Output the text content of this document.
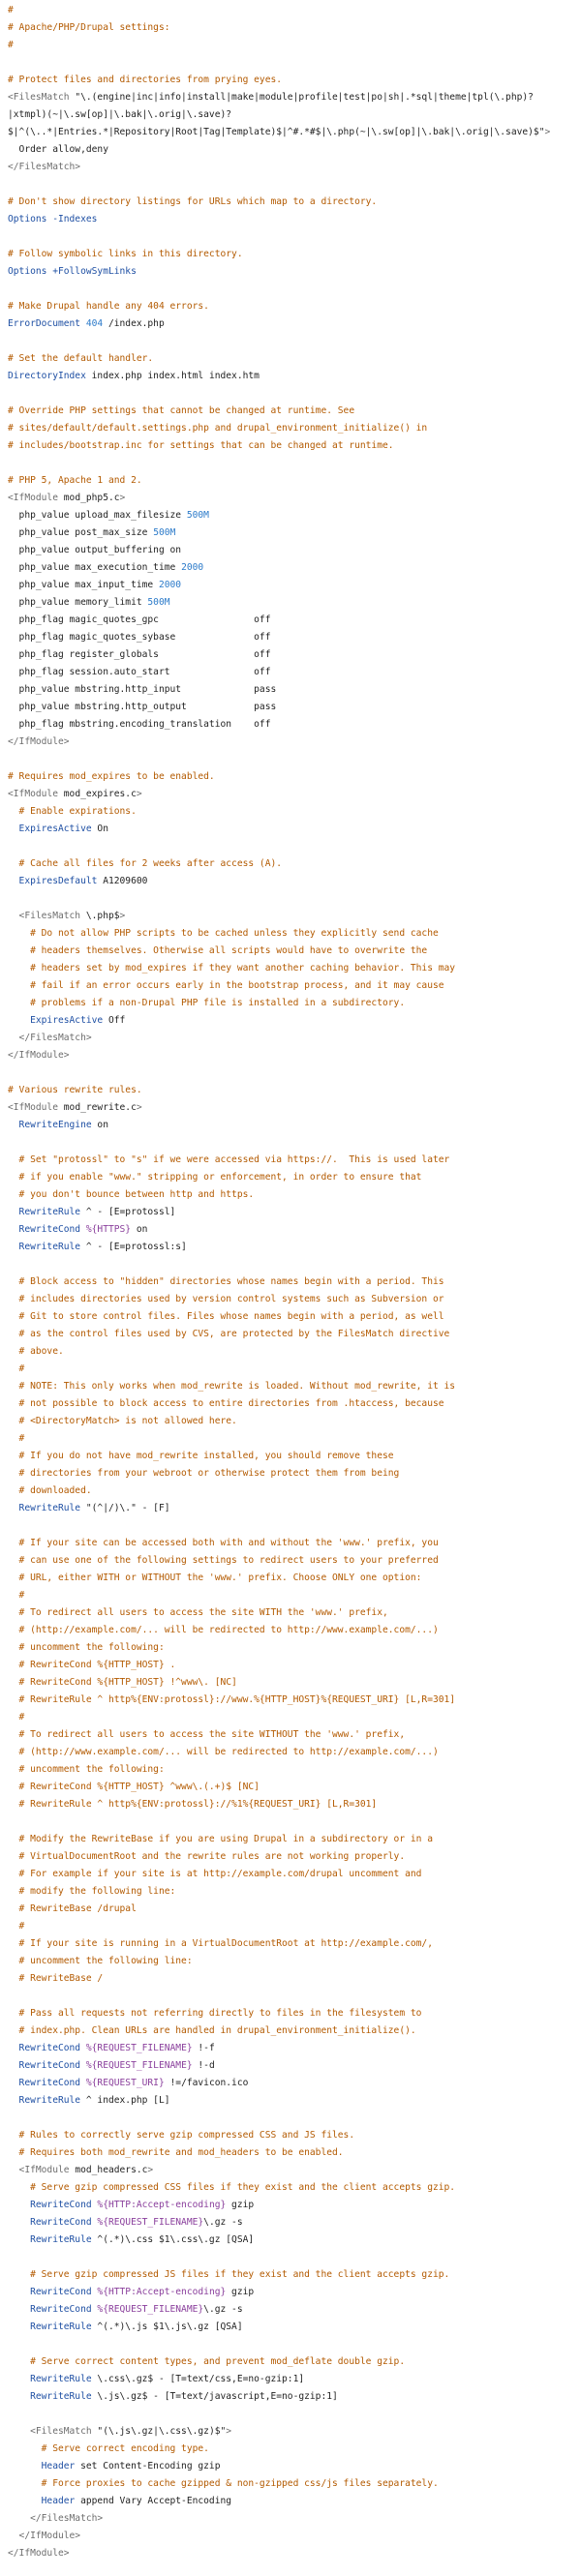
#
# Apache/PHP/Drupal settings:
#

# Protect files and directories from prying eyes.
<FilesMatch "\.(engine|inc|info|install|make|module|profile|test|po|sh|.*sql|theme|tpl(\.php)?
|xtmpl)(~|\.sw[op]|\.bak|\.orig|\.save)?
$|^(\..*|Entries.*|Repository|Root|Tag|Template)$|^#.*#$|\.php(~|\.sw[op]|\.bak|\.orig|\.save)$">
Order allow,deny
</FilesMatch>

# Don't show directory listings for URLs which map to a directory.
Options -Indexes

# Follow symbolic links in this directory.
Options +FollowSymLinks

# Make Drupal handle any 404 errors.
ErrorDocument 404 /index.php

# Set the default handler.
DirectoryIndex index.php index.html index.htm

# Override PHP settings that cannot be changed at runtime. See
# sites/default/default.settings.php and drupal_environment_initialize() in
# includes/bootstrap.inc for settings that can be changed at runtime.

# PHP 5, Apache 1 and 2.
<IfModule mod_php5.c>
php_value upload_max_filesize 500M
php_value post_max_size 500M
php_value output_buffering on
php_value max_execution_time 2000
php_value max_input_time 2000
php_value memory_limit 500M
php_flag magic_quotes_gpc                 off
php_flag magic_quotes_sybase              off
php_flag register_globals                 off
php_flag session.auto_start               off
php_value mbstring.http_input             pass
php_value mbstring.http_output            pass
php_flag mbstring.encoding_translation    off
</IfModule>

# Requires mod_expires to be enabled.
<IfModule mod_expires.c>
# Enable expirations.
ExpiresActive On

# Cache all files for 2 weeks after access (A).
ExpiresDefault A1209600

<FilesMatch \.php$>
# Do not allow PHP scripts to be cached unless they explicitly send cache
# headers themselves. Otherwise all scripts would have to overwrite the
# headers set by mod_expires if they want another caching behavior. This may
# fail if an error occurs early in the bootstrap process, and it may cause
# problems if a non-Drupal PHP file is installed in a subdirectory.
ExpiresActive Off
</FilesMatch>
</IfModule>

# Various rewrite rules.
<IfModule mod_rewrite.c>
RewriteEngine on

# Set "protossl" to "s" if we were accessed via https://.  This is used later
# if you enable "www." stripping or enforcement, in order to ensure that
# you don't bounce between http and https.
RewriteRule ^ - [E=protossl]
RewriteCond %{HTTPS} on
RewriteRule ^ - [E=protossl:s]

# Block access to "hidden" directories whose names begin with a period. This
# includes directories used by version control systems such as Subversion or
# Git to store control files. Files whose names begin with a period, as well
# as the control files used by CVS, are protected by the FilesMatch directive
# above.
#
# NOTE: This only works when mod_rewrite is loaded. Without mod_rewrite, it is
# not possible to block access to entire directories from .htaccess, because
# <DirectoryMatch> is not allowed here.
#
# If you do not have mod_rewrite installed, you should remove these
# directories from your webroot or otherwise protect them from being
# downloaded.
RewriteRule "(^|/)\." - [F]

# If your site can be accessed both with and without the 'www.' prefix, you
# can use one of the following settings to redirect users to your preferred
# URL, either WITH or WITHOUT the 'www.' prefix. Choose ONLY one option:
#
# To redirect all users to access the site WITH the 'www.' prefix,
# (http://example.com/... will be redirected to http://www.example.com/...)
# uncomment the following:
# RewriteCond %{HTTP_HOST} .
# RewriteCond %{HTTP_HOST} !^www\. [NC]
# RewriteRule ^ http%{ENV:protossl}://www.%{HTTP_HOST}%{REQUEST_URI} [L,R=301]
#
# To redirect all users to access the site WITHOUT the 'www.' prefix,
# (http://www.example.com/... will be redirected to http://example.com/...)
# uncomment the following:
# RewriteCond %{HTTP_HOST} ^www\.(.+)$ [NC]
# RewriteRule ^ http%{ENV:protossl}://%1%{REQUEST_URI} [L,R=301]

# Modify the RewriteBase if you are using Drupal in a subdirectory or in a
# VirtualDocumentRoot and the rewrite rules are not working properly.
# For example if your site is at http://example.com/drupal uncomment and
# modify the following line:
# RewriteBase /drupal
#
# If your site is running in a VirtualDocumentRoot at http://example.com/,
# uncomment the following line:
# RewriteBase /

# Pass all requests not referring directly to files in the filesystem to
# index.php. Clean URLs are handled in drupal_environment_initialize().
RewriteCond %{REQUEST_FILENAME} !-f
RewriteCond %{REQUEST_FILENAME} !-d
RewriteCond %{REQUEST_URI} !=/favicon.ico
RewriteRule ^ index.php [L]

# Rules to correctly serve gzip compressed CSS and JS files.
# Requires both mod_rewrite and mod_headers to be enabled.
<IfModule mod_headers.c>
# Serve gzip compressed CSS files if they exist and the client accepts gzip.
RewriteCond %{HTTP:Accept-encoding} gzip
RewriteCond %{REQUEST_FILENAME}\.gz -s
RewriteRule ^(.*)\.css $1\.css\.gz [QSA]

# Serve gzip compressed JS files if they exist and the client accepts gzip.
RewriteCond %{HTTP:Accept-encoding} gzip
RewriteCond %{REQUEST_FILENAME}\.gz -s
RewriteRule ^(.*)\.js $1\.js\.gz [QSA]

# Serve correct content types, and prevent mod_deflate double gzip.
RewriteRule \.css\.gz$ - [T=text/css,E=no-gzip:1]
RewriteRule \.js\.gz$ - [T=text/javascript,E=no-gzip:1]

<FilesMatch "(\.js\.gz|\.css\.gz)$">
# Serve correct encoding type.
Header set Content-Encoding gzip
# Force proxies to cache gzipped & non-gzipped css/js files separately.
Header append Vary Accept-Encoding
</FilesMatch>
</IfModule>
</IfModule>
